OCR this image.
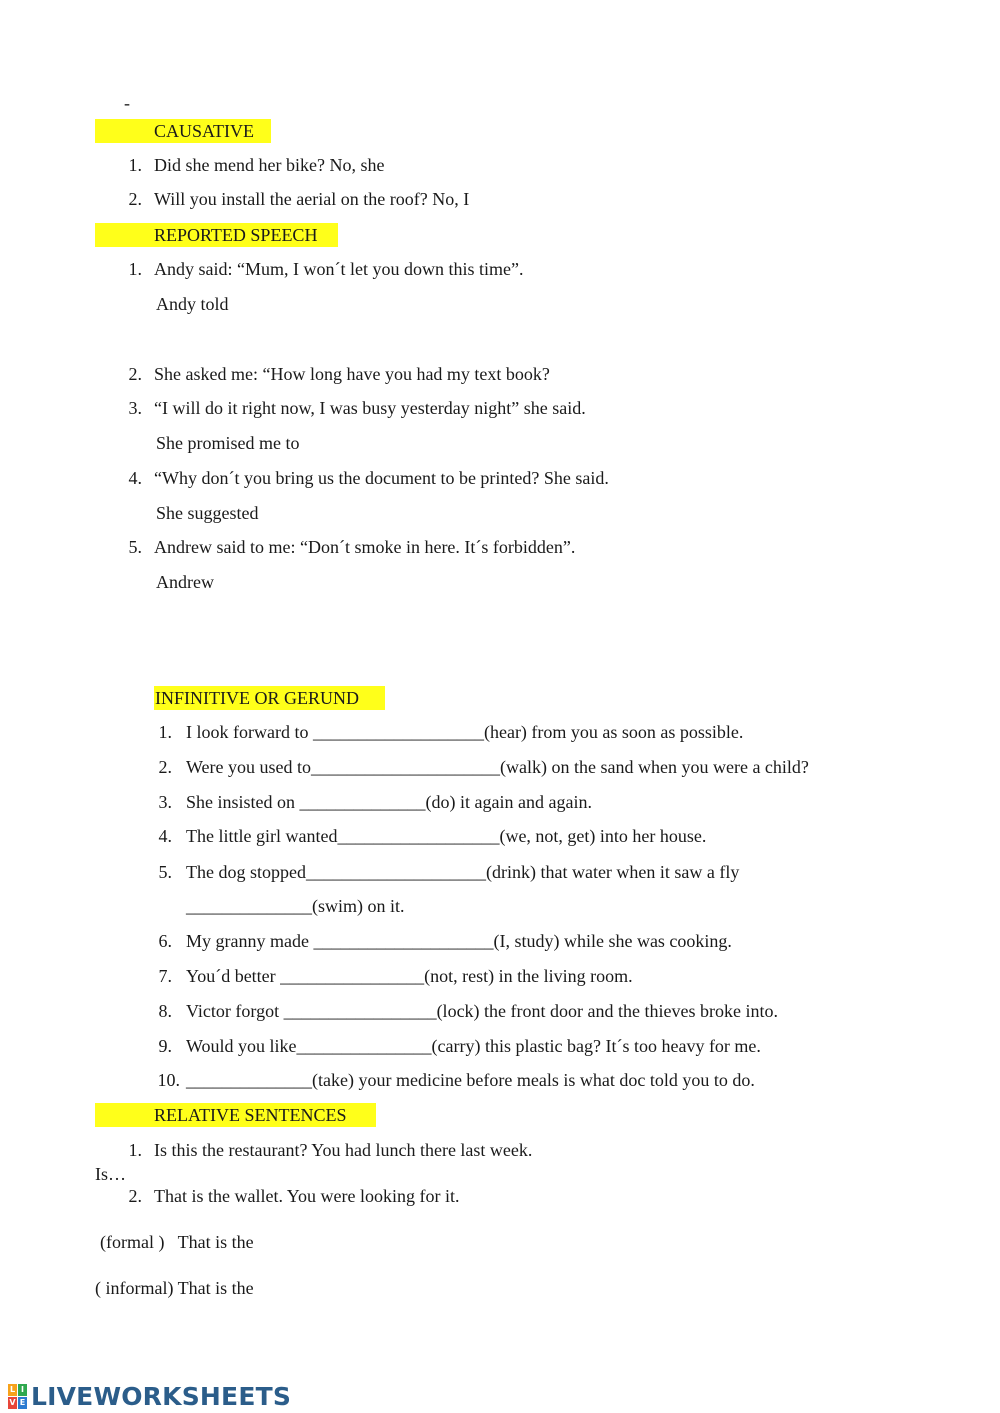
-
CAUSATIVE
1. Did she mend her bike? No, she
2. Will you install the aerial on the roof? No, I
REPORTED SPEECH
1. Andy said: “Mum, I won´t let you down this time”.
Andy told
2. She asked me: “How long have you had my text book?
3. “I will do it right now, I was busy yesterday night” she said.
She promised me to
4. “Why don´t you bring us the document to be printed? She said.
She suggested
5. Andrew said to me: “Don´t smoke in here. It´s forbidden”.
Andrew
INFINITIVE OR GERUND
1. I look forward to ___________________(hear) from you as soon as possible.
2. Were you used to_____________________(walk) on the sand when you were a child?
3. She insisted on ______________(do) it again and again.
4. The little girl wanted__________________(we, not, get) into her house.
5. The dog stopped____________________(drink) that water when it saw a fly
______________(swim) on it.
6. My granny made ____________________(I, study) while she was cooking.
7. You´d better ________________(not, rest) in the living room.
8. Victor forgot _________________(lock) the front door and the thieves broke into.
9. Would you like_______________(carry) this plastic bag? It´s too heavy for me.
10. ______________(take) your medicine before meals is what doc told you to do.
RELATIVE SENTENCES
1. Is this the restaurant? You had lunch there last week.
Is…
2. That is the wallet. You were looking for it.
(formal )   That is the
( informal) That is the
L I
V E LIVEWORKSHEETS
